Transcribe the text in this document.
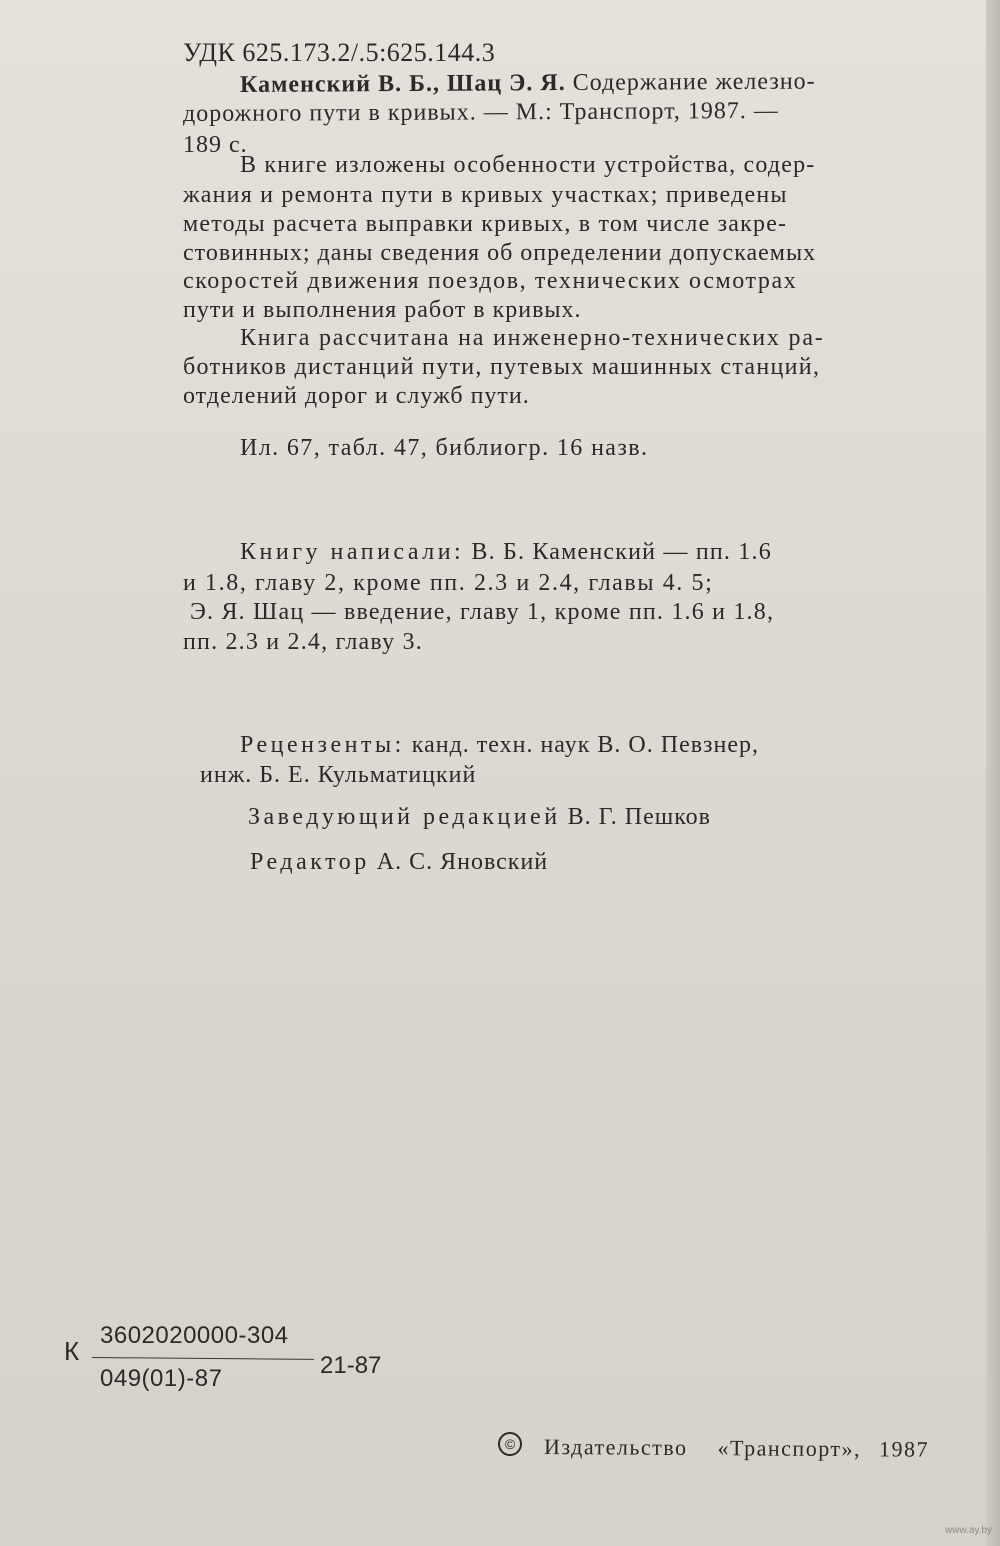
УДК 625.173.2/.5:625.144.3
Каменский В. Б., Шац Э. Я. Содержание железно-
дорожного пути в кривых. — М.: Транспорт, 1987. —
189 с.
В книге изложены особенности устройства, содер-
жания и ремонта пути в кривых участках; приведены
методы расчета выправки кривых, в том числе закре-
стовинных; даны сведения об определении допускаемых
скоростей движения поездов, технических осмотрах
пути и выполнения работ в кривых.
Книга рассчитана на инженерно-технических ра-
ботников дистанций пути, путевых машинных станций,
отделений дорог и служб пути.
Ил. 67, табл. 47, библиогр. 16 назв.
Книгу написали: В. Б. Каменский — пп. 1.6
и 1.8, главу 2, кроме пп. 2.3 и 2.4, главы 4. 5;
Э. Я. Шац — введение, главу 1, кроме пп. 1.6 и 1.8,
пп. 2.3 и 2.4, главу 3.
Рецензенты: канд. техн. наук В. О. Певзнер,
инж. Б. Е. Кульматицкий
Заведующий редакцией В. Г. Пешков
Редактор А. С. Яновский
К
3602020000-304
049(01)-87	21-87
©	Издательство «Транспорт», 1987
www.ay.by
